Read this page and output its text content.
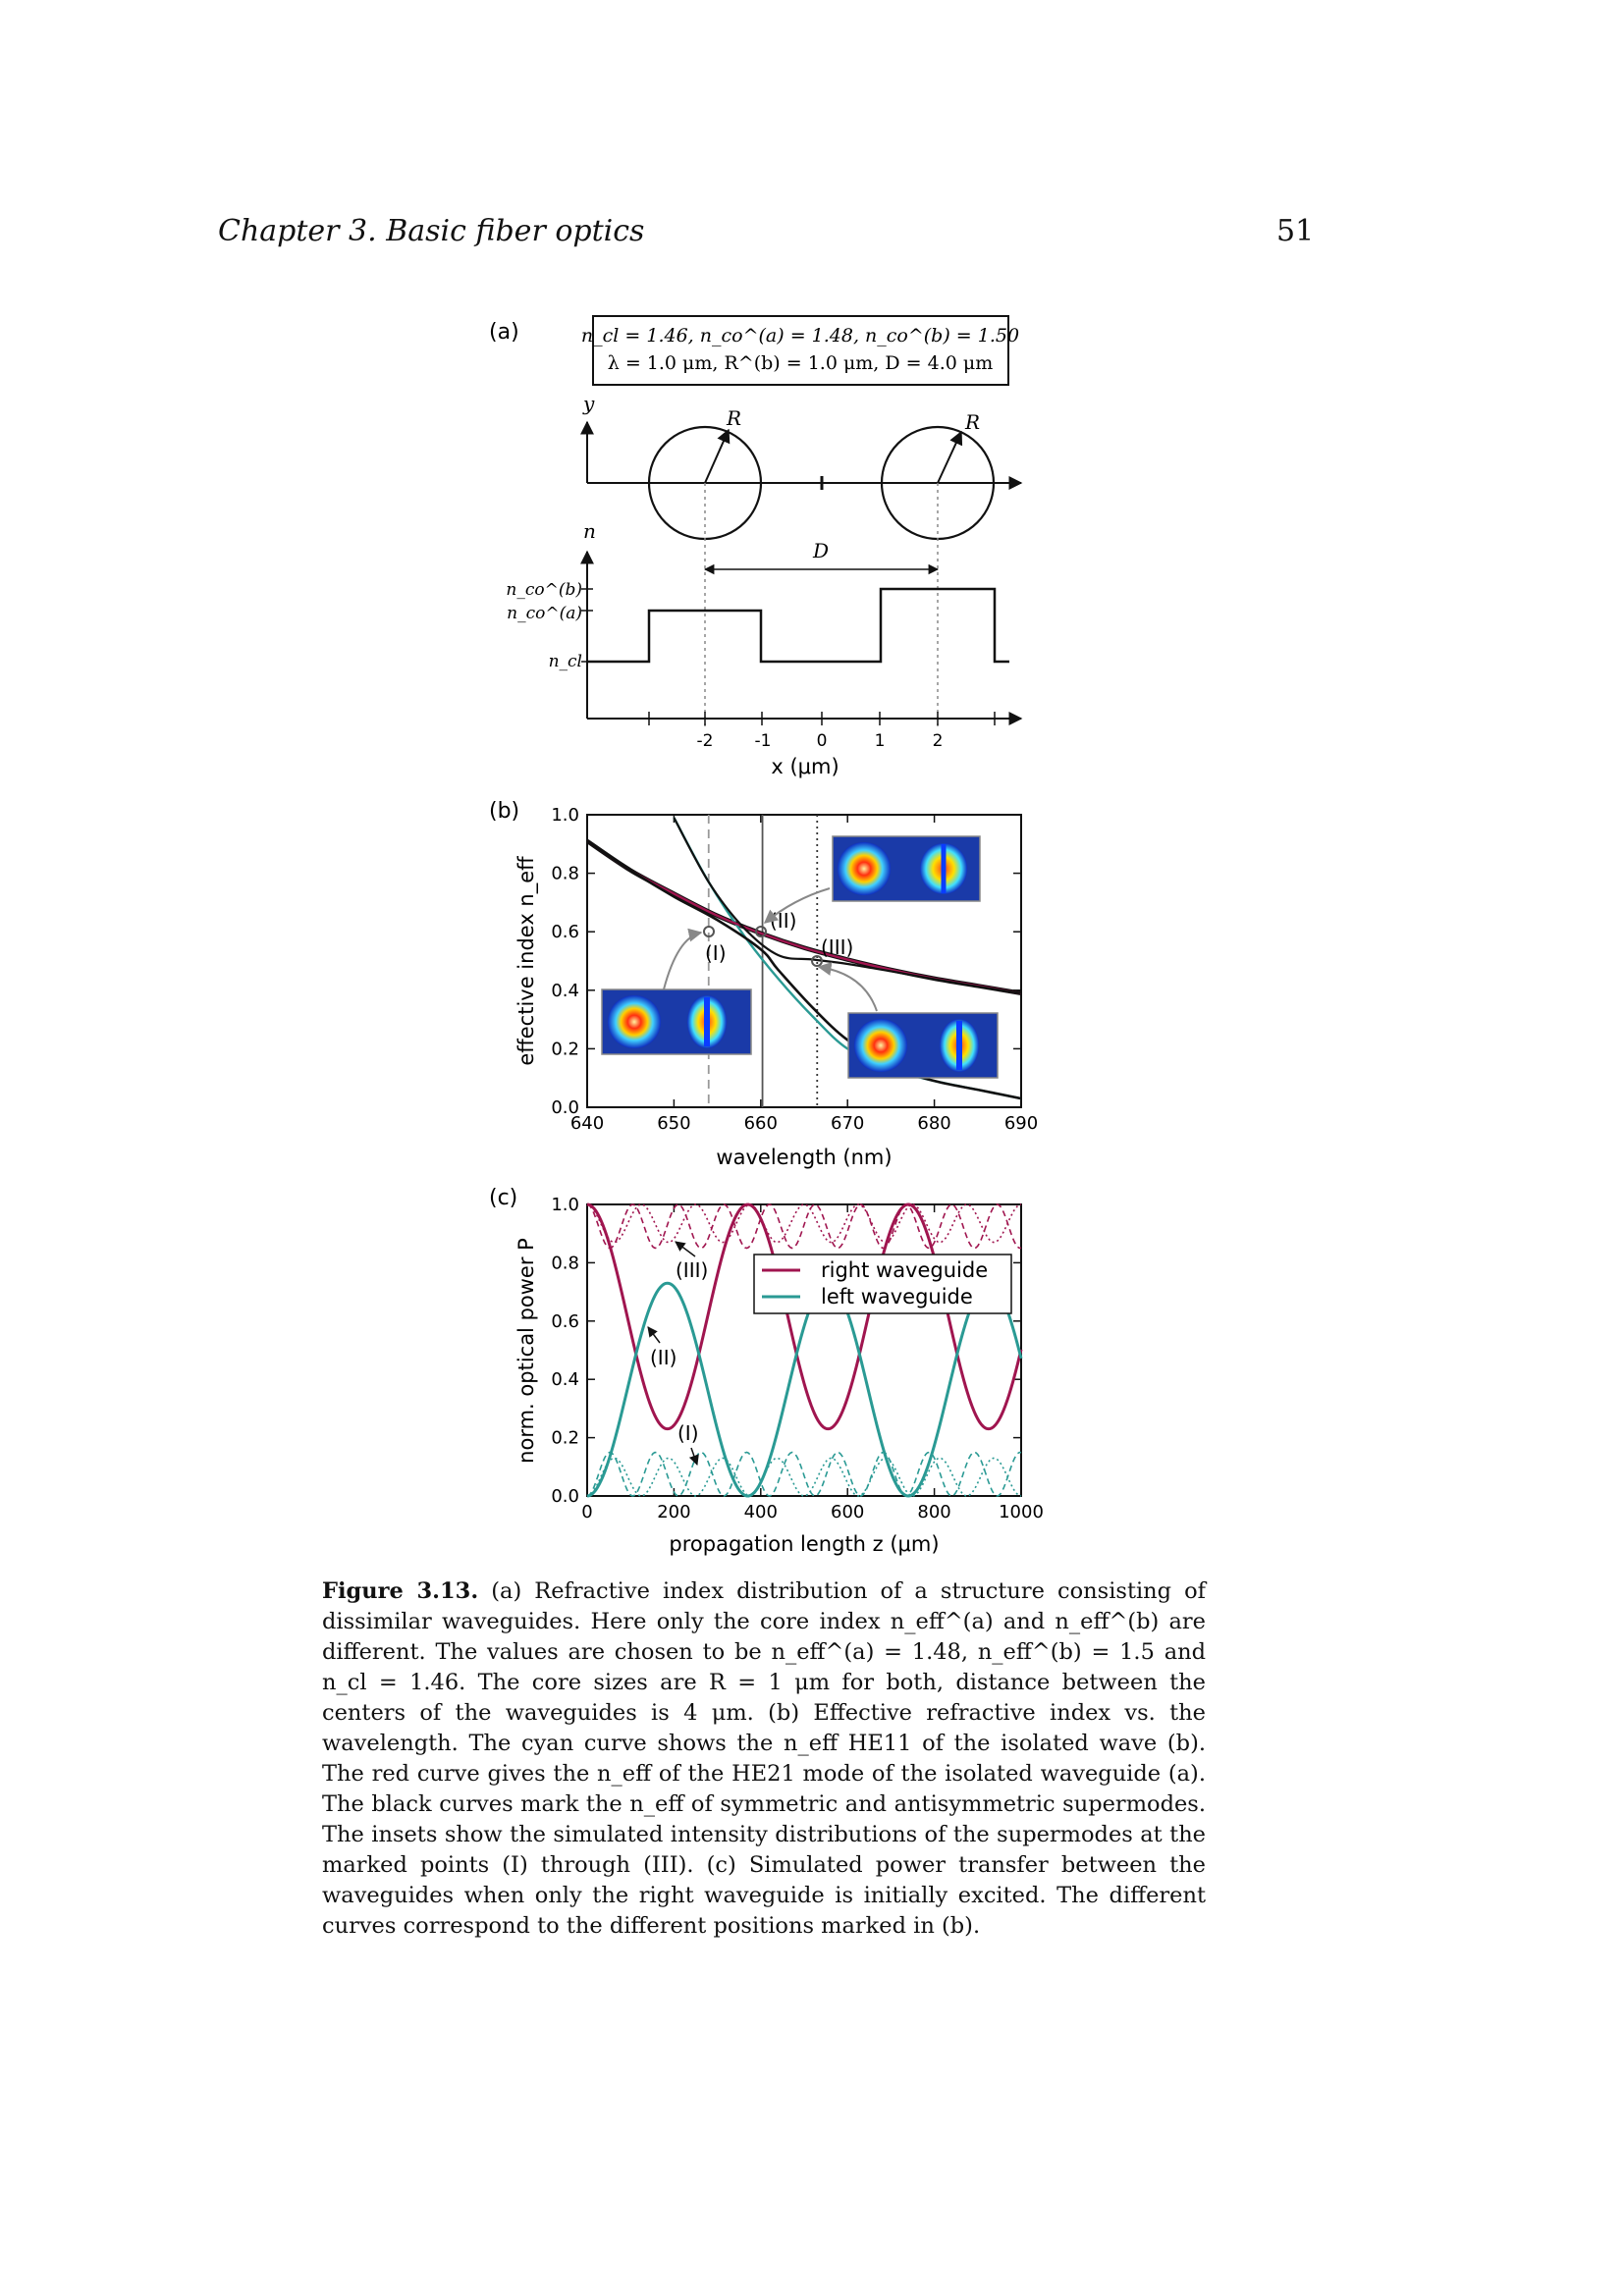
Chapter 3. Basic fiber optics	51
(a)	n_cl = 1.46, n_co^(a) = 1.48, n_co^(b) = 1.50
λ = 1.0 μm, R^(b) = 1.0 μm, D = 4.0 μm
y
R	R
n
D
n_co^(b)
n_co^(a)
n_cl
-2 -1	0	1	2
x (μm)
(b)
effective index n_eff
wavelength (nm)
640	650	660	670	680	690
0.0
0.2
0.4
0.6
0.8
1.0
(I)
(II)
(III)
(c)
norm. optical power P
propagation length z (μm)
0	200	400	600	800	1000
0.0
0.2
0.4
0.6
0.8
1.0
(III)
(II)
(I)
right waveguide
left waveguide
Figure 3.13. (a) Refractive index distribution of a structure consisting of dissimilar waveguides. Here only the core index n_eff^(a) and n_eff^(b) are different. The values are chosen to be n_eff^(a) = 1.48, n_eff^(b) = 1.5 and n_cl = 1.46. The core sizes are R = 1 μm for both, distance between the centers of the waveguides is 4 μm. (b) Effective refractive index vs. the wavelength. The cyan curve shows the n_eff HE11 of the isolated wave (b). The red curve gives the n_eff of the HE21 mode of the isolated waveguide (a). The black curves mark the n_eff of symmetric and antisymmetric supermodes. The insets show the simulated intensity distributions of the supermodes at the marked points (I) through (III). (c) Simulated power transfer between the waveguides when only the right waveguide is initially excited. The different curves correspond to the different positions marked in (b).
